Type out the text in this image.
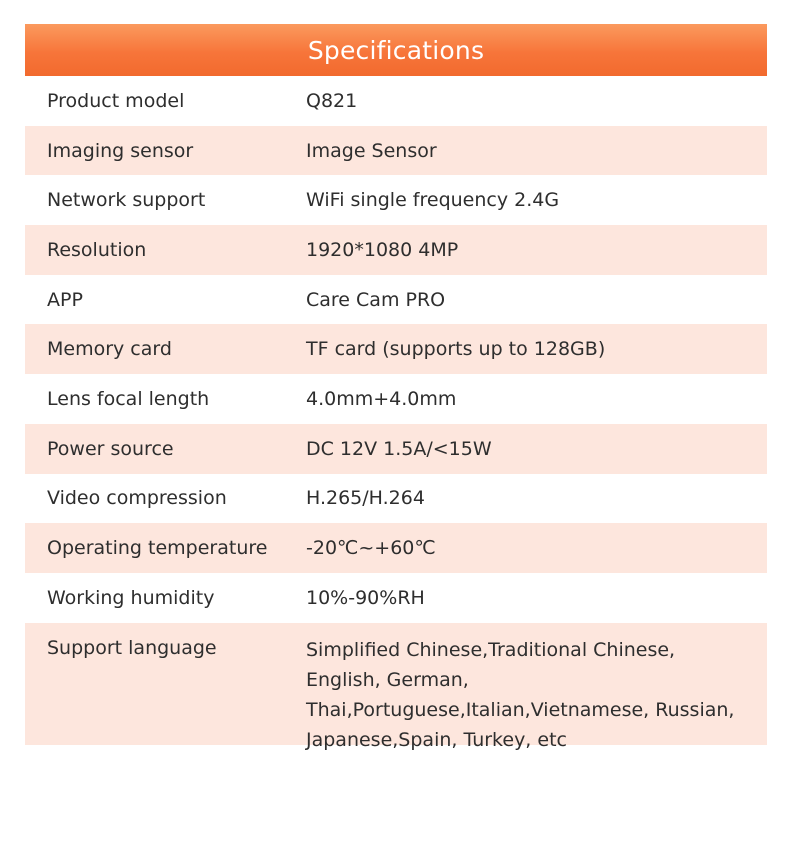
Specifications
Product model	Q821
Imaging sensor	Image Sensor
Network support	WiFi single frequency 2.4G
Resolution	1920*1080 4MP
APP	Care Cam PRO
Memory card	TF card (supports up to 128GB)
Lens focal length	4.0mm+4.0mm
Power source	DC 12V 1.5A/<15W
Video compression	H.265/H.264
Operating temperature	-20℃~+60℃
Working humidity	10%-90%RH
Support language	Simplified Chinese,Traditional Chinese, English, German, Thai,Portuguese,Italian,Vietnamese, Russian, Japanese,Spain, Turkey, etc
